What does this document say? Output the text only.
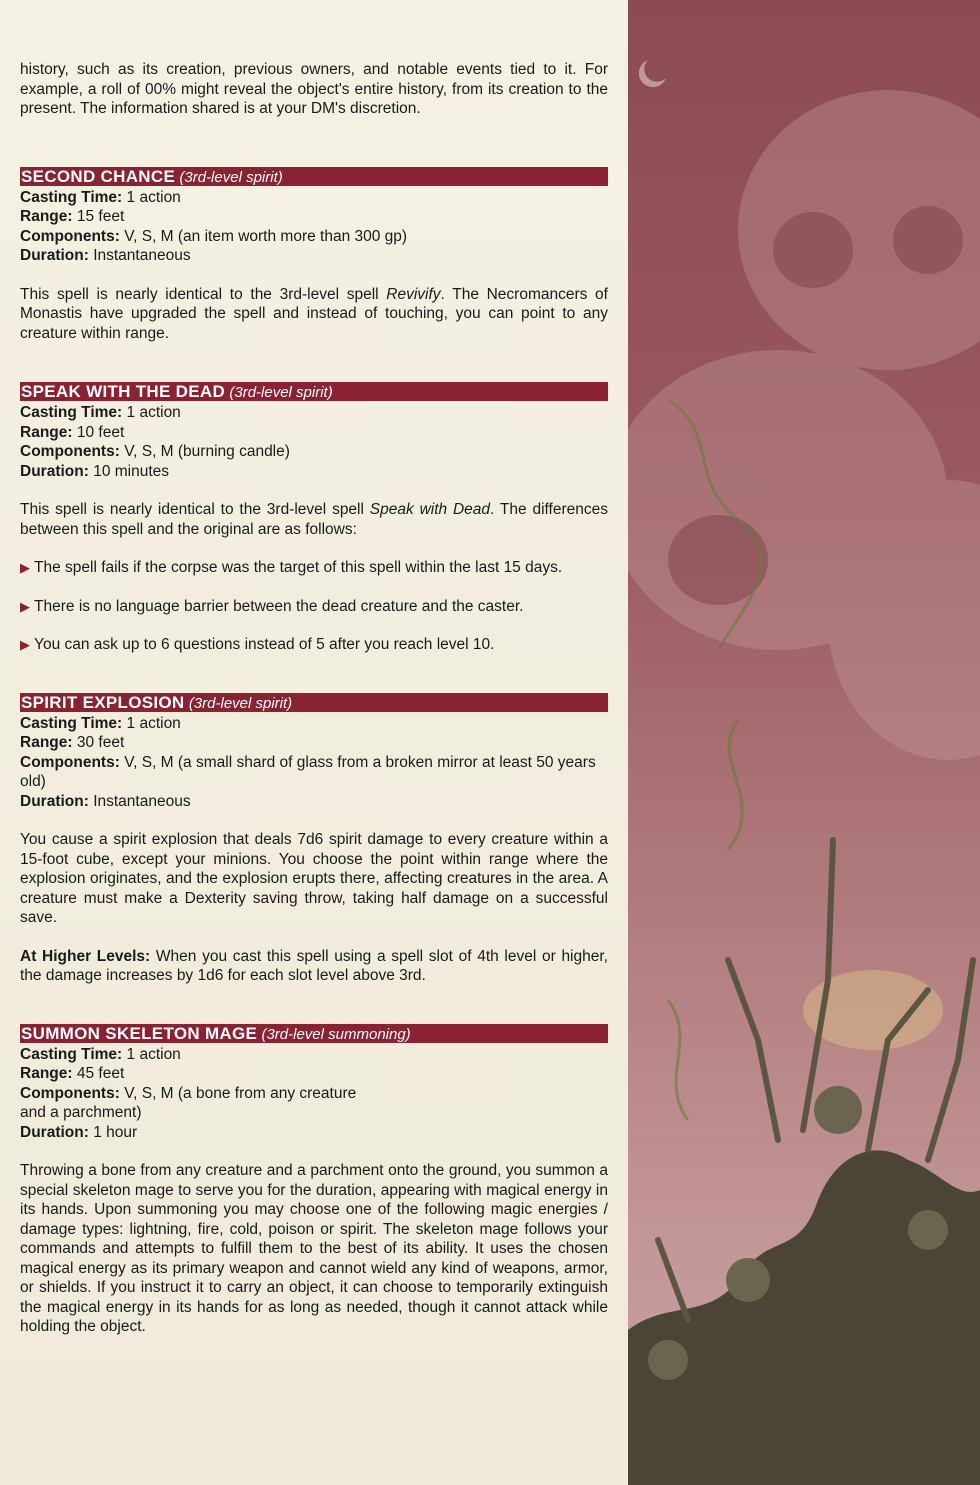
history, such as its creation, previous owners, and notable events tied to it. For example, a roll of 00% might reveal the object's entire history, from its creation to the present. The information shared is at your DM's discretion.

SECOND CHANCE (3rd-level spirit)

Casting Time: 1 action

Range: 15 feet

Components: V, S, M (an item worth more than 300 gp)

Duration: Instantaneous

This spell is nearly identical to the 3rd-level spell Revivify. The Necromancers of Monastis have upgraded the spell and instead of touching, you can point to any creature within range.

SPEAK WITH THE DEAD (3rd-level spirit)

Casting Time: 1 action

Range: 10 feet

Components: V, S, M (burning candle)

Duration: 10 minutes

This spell is nearly identical to the 3rd-level spell Speak with Dead. The differences between this spell and the original are as follows:

▶ The spell fails if the corpse was the target of this spell within the last 15 days.

▶ There is no language barrier between the dead creature and the caster.

▶ You can ask up to 6 questions instead of 5 after you reach level 10.

SPIRIT EXPLOSION (3rd-level spirit)

Casting Time: 1 action

Range: 30 feet

Components: V, S, M (a small shard of glass from a broken mirror at least 50 years old)

Duration: Instantaneous

You cause a spirit explosion that deals 7d6 spirit damage to every creature within a 15-foot cube, except your minions. You choose the point within range where the explosion originates, and the explosion erupts there, affecting creatures in the area. A creature must make a Dexterity saving throw, taking half damage on a successful save.

At Higher Levels: When you cast this spell using a spell slot of 4th level or higher, the damage increases by 1d6 for each slot level above 3rd.

SUMMON SKELETON MAGE (3rd-level summoning)

Casting Time: 1 action

Range: 45 feet

Components: V, S, M (a bone from any creature
and a parchment)

Duration: 1 hour

Throwing a bone from any creature and a parchment onto the ground, you summon a special skeleton mage to serve you for the duration, appearing with magical energy in its hands. Upon summoning you may choose one of the following magic energies / damage types: lightning, fire, cold, poison or spirit. The skeleton mage follows your commands and attempts to fulfill them to the best of its ability. It uses the chosen magical energy as its primary weapon and cannot wield any kind of weapons, armor, or shields. If you instruct it to carry an object, it can choose to temporarily extinguish the magical energy in its hands for as long as needed, though it cannot attack while holding the object.
